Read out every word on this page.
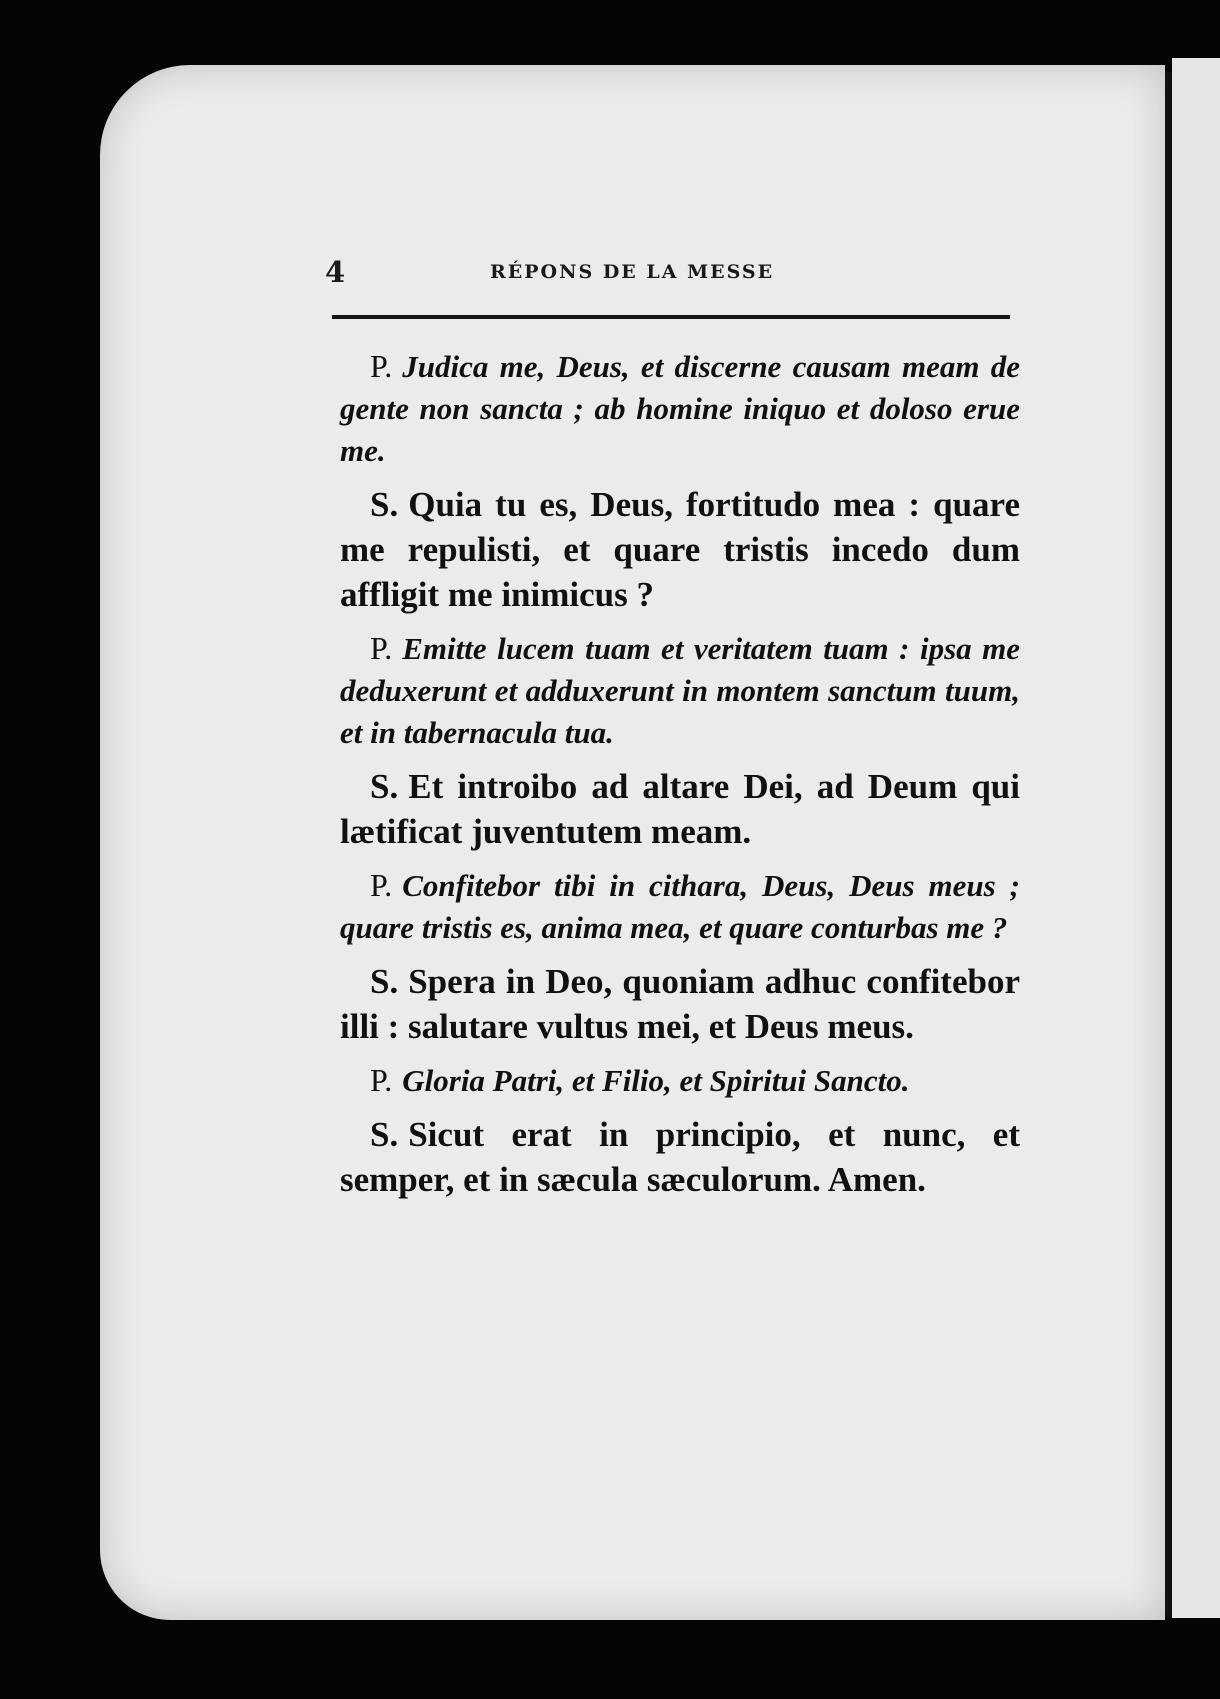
4	RÉPONS DE LA MESSE

P. Judica me, Deus, et discerne causam meam de gente non sancta ; ab homine iniquo et doloso erue me.

S. Quia tu es, Deus, fortitudo mea : quare me repulisti, et quare tristis incedo dum affligit me inimicus ?

P. Emitte lucem tuam et veritatem tuam : ipsa me deduxerunt et adduxerunt in montem sanctum tuum, et in tabernacula tua.

S. Et introibo ad altare Dei, ad Deum qui lætificat juventutem meam.

P. Confitebor tibi in cithara, Deus, Deus meus ; quare tristis es, anima mea, et quare conturbas me ?

S. Spera in Deo, quoniam adhuc confitebor illi : salutare vultus mei, et Deus meus.

P. Gloria Patri, et Filio, et Spiritui Sancto.

S. Sicut erat in principio, et nunc, et semper, et in sæcula sæculorum. Amen.
